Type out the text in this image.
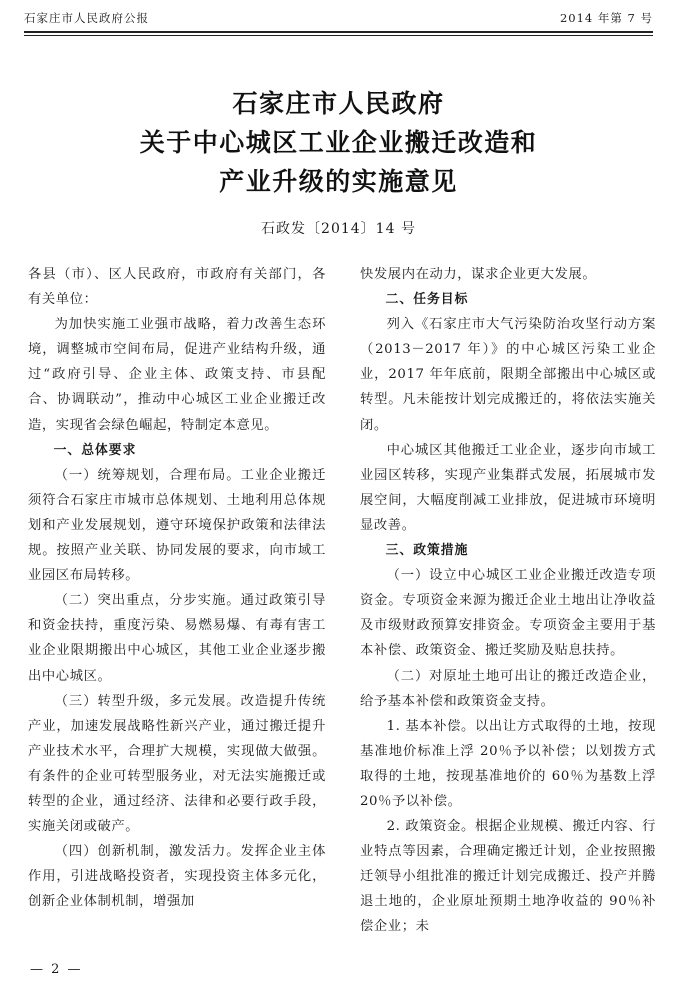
石家庄市人民政府公报	2014 年第 7 号
石家庄市人民政府
关于中心城区工业企业搬迁改造和
产业升级的实施意见
石政发〔2014〕14 号

各县（市）、区人民政府，市政府有关部门，各有关单位：

为加快实施工业强市战略，着力改善生态环境，调整城市空间布局，促进产业结构升级，通过“政府引导、企业主体、政策支持、市县配合、协调联动”，推动中心城区工业企业搬迁改造，实现省会绿色崛起，特制定本意见。

一、总体要求

（一）统筹规划，合理布局。工业企业搬迁须符合石家庄市城市总体规划、土地利用总体规划和产业发展规划，遵守环境保护政策和法律法规。按照产业关联、协同发展的要求，向市域工业园区布局转移。

（二）突出重点，分步实施。通过政策引导和资金扶持，重度污染、易燃易爆、有毒有害工业企业限期搬出中心城区，其他工业企业逐步搬出中心城区。

（三）转型升级，多元发展。改造提升传统产业，加速发展战略性新兴产业，通过搬迁提升产业技术水平，合理扩大规模，实现做大做强。有条件的企业可转型服务业，对无法实施搬迁或转型的企业，通过经济、法律和必要行政手段，实施关闭或破产。

（四）创新机制，激发活力。发挥企业主体作用，引进战略投资者，实现投资主体多元化，创新企业体制机制，增强加

快发展内在动力，谋求企业更大发展。

二、任务目标

列入《石家庄市大气污染防治攻坚行动方案（2013－2017 年）》的中心城区污染工业企业，2017 年年底前，限期全部搬出中心城区或转型。凡未能按计划完成搬迁的，将依法实施关闭。

中心城区其他搬迁工业企业，逐步向市域工业园区转移，实现产业集群式发展，拓展城市发展空间，大幅度削减工业排放，促进城市环境明显改善。

三、政策措施

（一）设立中心城区工业企业搬迁改造专项资金。专项资金来源为搬迁企业土地出让净收益及市级财政预算安排资金。专项资金主要用于基本补偿、政策资金、搬迁奖励及贴息扶持。

（二）对原址土地可出让的搬迁改造企业，给予基本补偿和政策资金支持。

1. 基本补偿。以出让方式取得的土地，按现基准地价标准上浮 20％予以补偿；以划拨方式取得的土地，按现基准地价的 60％为基数上浮 20％予以补偿。

2. 政策资金。根据企业规模、搬迁内容、行业特点等因素，合理确定搬迁计划，企业按照搬迁领导小组批准的搬迁计划完成搬迁、投产并腾退土地的，企业原址预期土地净收益的 90％补偿企业；未

— 2 —
